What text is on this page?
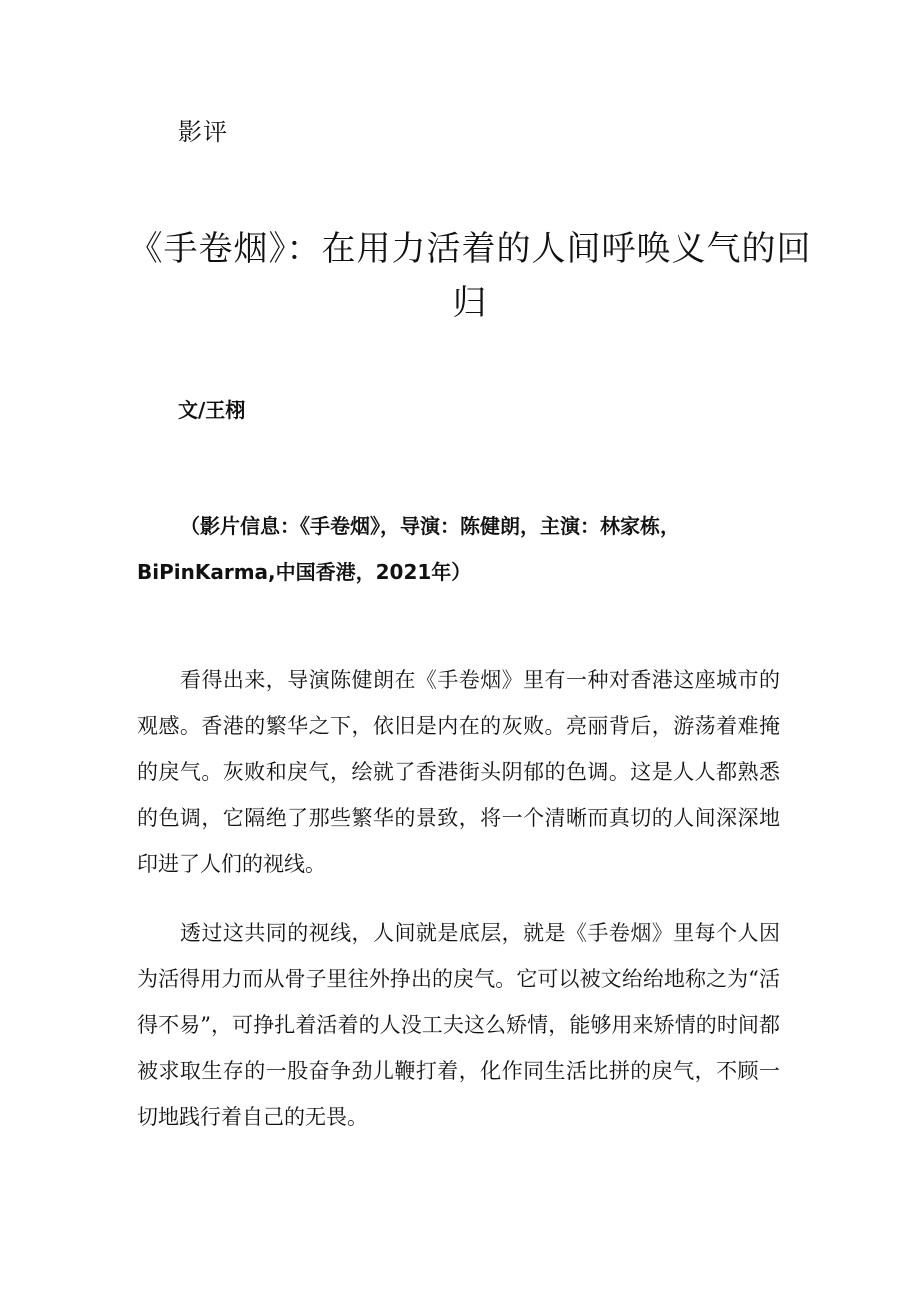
影评
《手卷烟》：在用力活着的人间呼唤义气的回归
文/王栩

（影片信息：《手卷烟》，导演：陈健朗，主演：林家栋，BiPinKarma,中国香港，2021年）

看得出来，导演陈健朗在《手卷烟》里有一种对香港这座城市的观感。香港的繁华之下，依旧是内在的灰败。亮丽背后，游荡着难掩的戾气。灰败和戾气，绘就了香港街头阴郁的色调。这是人人都熟悉的色调，它隔绝了那些繁华的景致，将一个清晰而真切的人间深深地印进了人们的视线。

透过这共同的视线，人间就是底层，就是《手卷烟》里每个人因为活得用力而从骨子里往外挣出的戾气。它可以被文绐绐地称之为“活得不易”，可挣扎着活着的人没工夫这么矫情，能够用来矫情的时间都被求取生存的一股奋争劲儿鞭打着，化作同生活比拼的戾气，不顾一切地践行着自己的无畏。
